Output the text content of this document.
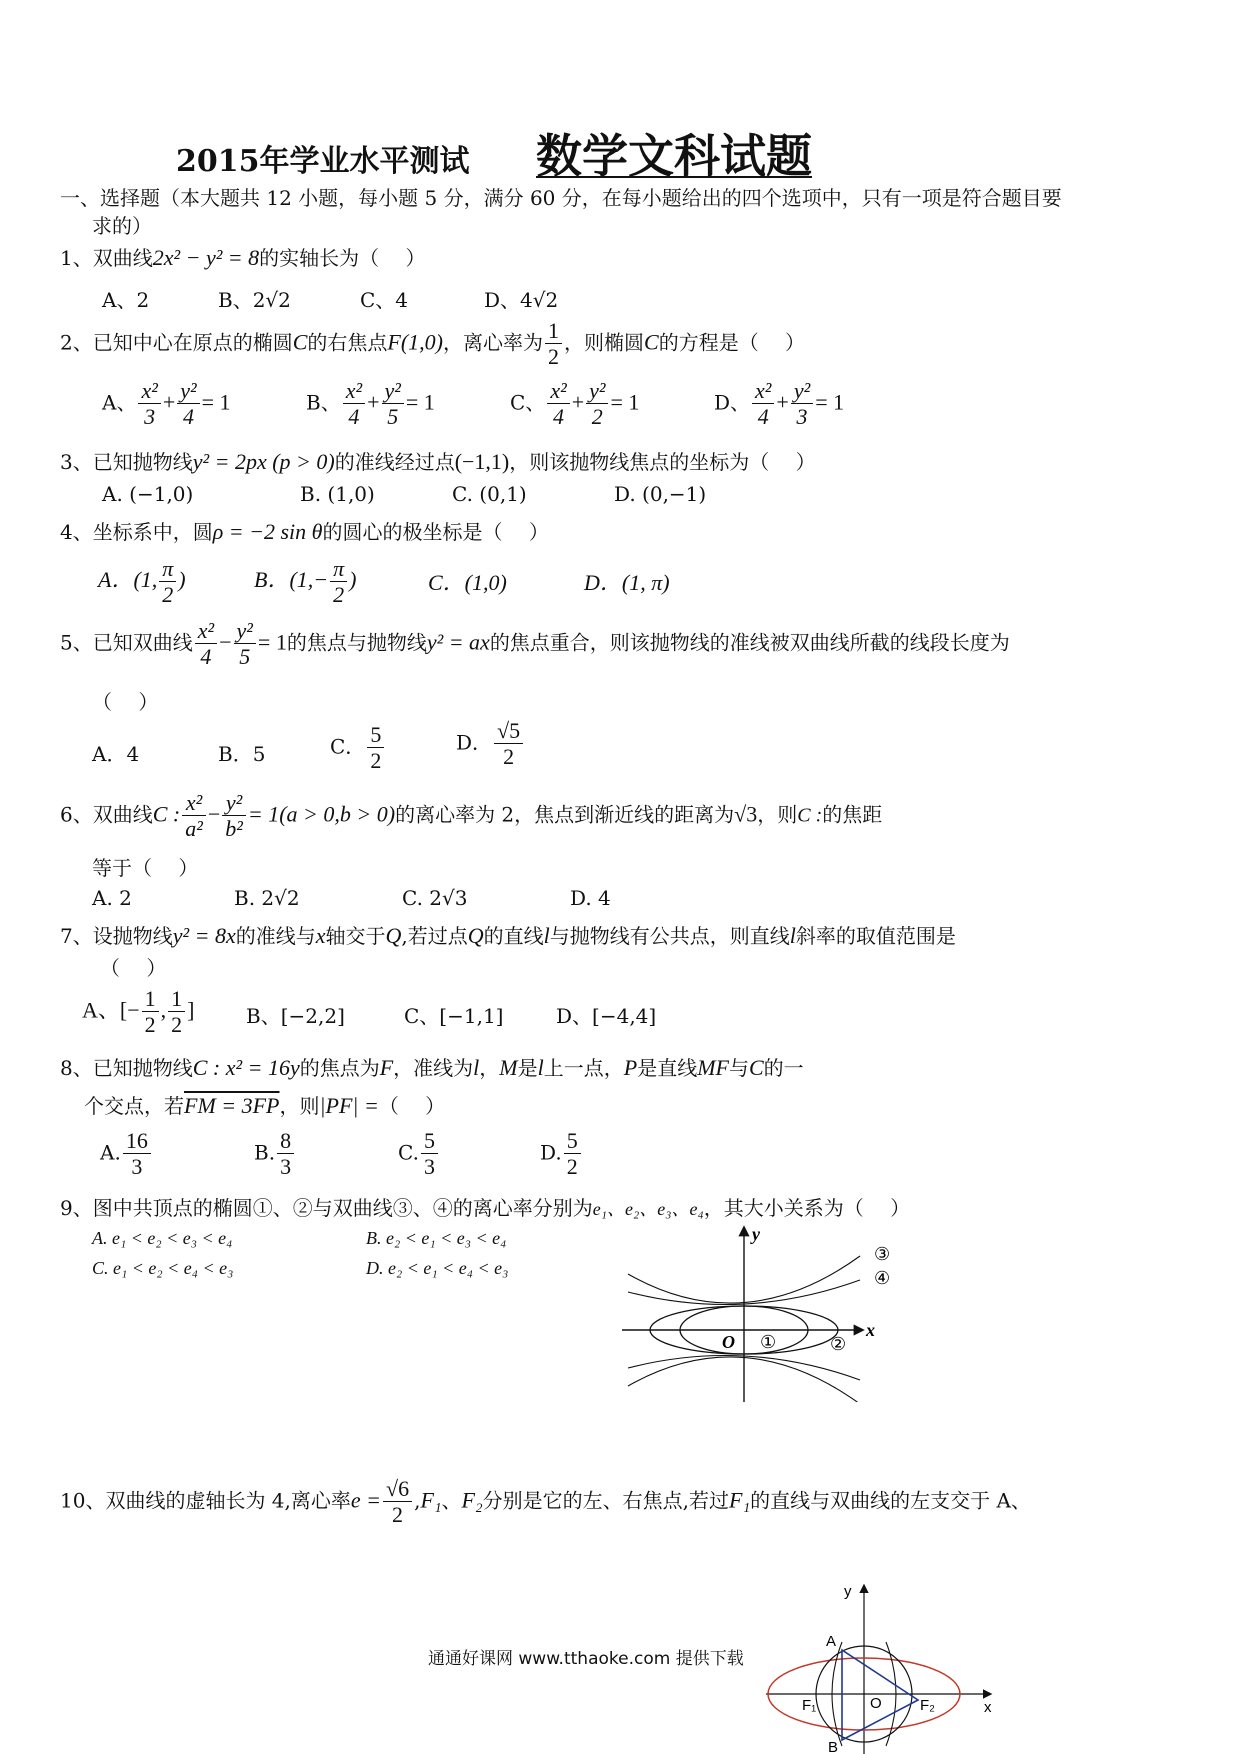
2015年学业水平测试 数学文科试题
一、选择题（本大题共 12 小题，每小题 5 分，满分 60 分，在每小题给出的四个选项中，只有一项是符合题目要
求的）
1、双曲线2x² − y² = 8的实轴长为（　 ）
A、2	B、2√2	C、4	D、4√2
2、已知中心在原点的椭圆C的右焦点F(1,0)，离心率为 $\frac{1}{2}$ ，则椭圆C的方程是（　 ）
A、 $\frac{\text{x²}}{3} + \frac{\text{y²}}{4} = 1$	B、 $\frac{\text{x²}}{4} + \frac{\text{y²}}{5} = 1$	C、 $\frac{\text{x²}}{4} + \frac{\text{y²}}{2} = 1$	D、 $\frac{\text{x²}}{4} + \frac{\text{y²}}{3} = 1$
3、已知抛物线y² = 2px (p > 0)的准线经过点(−1,1)，则该抛物线焦点的坐标为（　 ）
A. (−1,0)	B. (1,0)	C. (0,1)	D. (0,−1)
4、坐标系中，圆ρ = −2 sin θ的圆心的极坐标是（　 ）
A．(1, $\frac{\pi}{2}$ )	B．($1,- \frac{\pi}{2}$ )	C．(1,0)	D．(1, π)
5、已知双曲线 $\frac{\text{x²}}{4} - \frac{\text{y²}}{5} = 1$的焦点与抛物线y² = ax的焦点重合，则该抛物线的准线被双曲线所截的线段长度为
（　 ）
A．4	B．5	C． $\frac{5}{2}$	D． $\frac{√5}{2}$
6、双曲线C : $\frac{\text{x²}}{\text{a²}} - \frac{\text{y²}}{\text{b²}} = 1(a > 0,b > 0)$的离心率为 2，焦点到渐近线的距离为√3，则C :的焦距
等于（　 ）
A. 2	B. 2√2	C. 2√3	D. 4
7、设抛物线y² = 8x的准线与x轴交于Q,若过点Q的直线l与抛物线有公共点，则直线l斜率的取值范围是
（　 ）
A、[− $\frac{1}{2}$ , $\frac{1}{2}$ ]	B、[−2,2]	C、[−1,1]	D、[−4,4]
8、已知抛物线C : x² = 16y的焦点为F，准线为l，M是l上一点，P是直线MF与C的一
个交点，若FM = 3FP，则|PF| =（　 ）
A. $\frac{16}{3}$	B. $\frac{8}{3}$	C. $\frac{5}{3}$	D. $\frac{5}{2}$
9、图中共顶点的椭圆①、②与双曲线③、④的离心率分别为e₁、e₂、e₃、e₄，其大小关系为（　 ）
A. e₁ < e₂ < e₃ < e₄	B. e₂ < e₁ < e₃ < e₄
C. e₁ < e₂ < e₄ < e₃	D. e₂ < e₁ < e₄ < e₃
y
x
O ①	②
③
④
10、双曲线的虚轴长为 4,离心率$e = \frac{√6}{2} ,F_1$、F₂分别是它的左、右焦点,若过F₁的直线与双曲线的左支交于 A、
y
x
A
B
O
F₁	F₂
通通好课网 www.tthaoke.com 提供下载
